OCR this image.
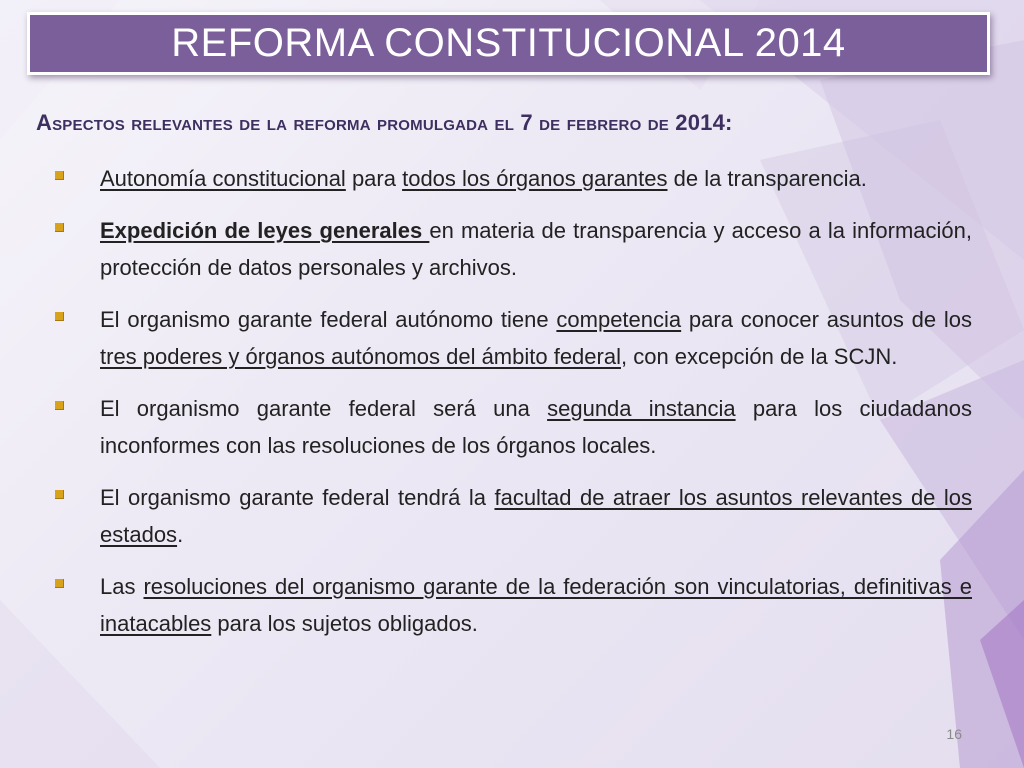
REFORMA CONSTITUCIONAL 2014
Aspectos relevantes de la reforma promulgada el 7 de febrero de 2014:

Autonomía constitucional para todos los órganos garantes de la transparencia.

Expedición de leyes generales en materia de transparencia y acceso a la información, protección de datos personales y archivos.

El organismo garante federal autónomo tiene competencia para conocer asuntos de los tres poderes y órganos autónomos del ámbito federal, con excepción de la SCJN.

El organismo garante federal será una segunda instancia para los ciudadanos inconformes con las resoluciones de los órganos locales.

El organismo garante federal tendrá la facultad de atraer los asuntos relevantes de los estados.

Las resoluciones del organismo garante de la federación son vinculatorias, definitivas e inatacables para los sujetos obligados.

16
